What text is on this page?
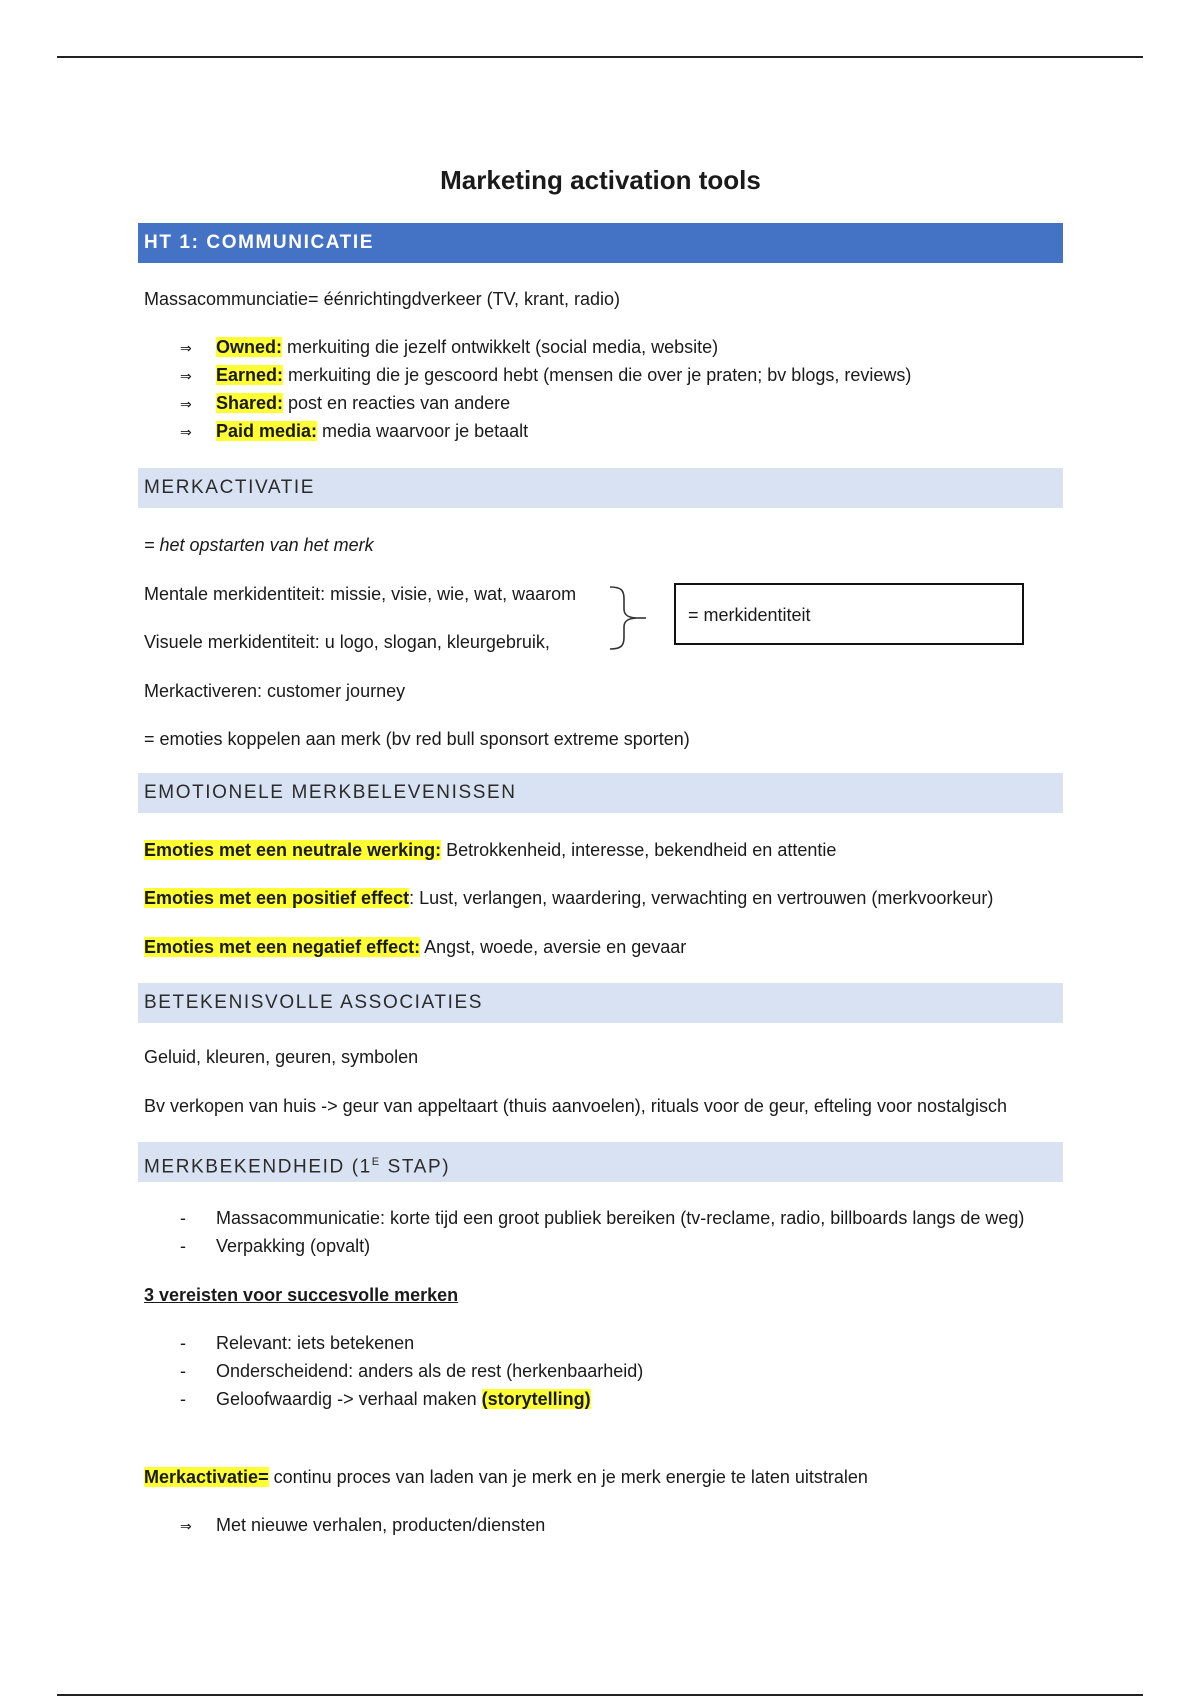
Marketing activation tools
HT 1: COMMUNICATIE
Massacommunciatie= éénrichtingdverkeer (TV, krant, radio)
⇒ Owned: merkuiting die jezelf ontwikkelt (social media, website)
⇒ Earned: merkuiting die je gescoord hebt (mensen die over je praten; bv blogs, reviews)
⇒ Shared: post en reacties van andere
⇒ Paid media: media waarvoor je betaalt
MERKACTIVATIE
= het opstarten van het merk
Mentale merkidentiteit: missie, visie, wie, wat, waarom
Visuele merkidentiteit: u logo, slogan, kleurgebruik,
= merkidentiteit
Merkactiveren: customer journey
= emoties koppelen aan merk (bv red bull sponsort extreme sporten)
EMOTIONELE MERKBELEVENISSEN
Emoties met een neutrale werking: Betrokkenheid, interesse, bekendheid en attentie
Emoties met een positief effect: Lust, verlangen, waardering, verwachting en vertrouwen (merkvoorkeur)
Emoties met een negatief effect: Angst, woede, aversie en gevaar
BETEKENISVOLLE ASSOCIATIES
Geluid, kleuren, geuren, symbolen
Bv verkopen van huis -> geur van appeltaart (thuis aanvoelen), rituals voor de geur, efteling voor nostalgisch
MERKBEKENDHEID ($1^E$ STAP)
- Massacommunicatie: korte tijd een groot publiek bereiken (tv-reclame, radio, billboards langs de weg)
- Verpakking (opvalt)
3 vereisten voor succesvolle merken
- Relevant: iets betekenen
- Onderscheidend: anders als de rest (herkenbaarheid)
- Geloofwaardig -> verhaal maken (storytelling)
Merkactivatie= continu proces van laden van je merk en je merk energie te laten uitstralen
⇒ Met nieuwe verhalen, producten/diensten
